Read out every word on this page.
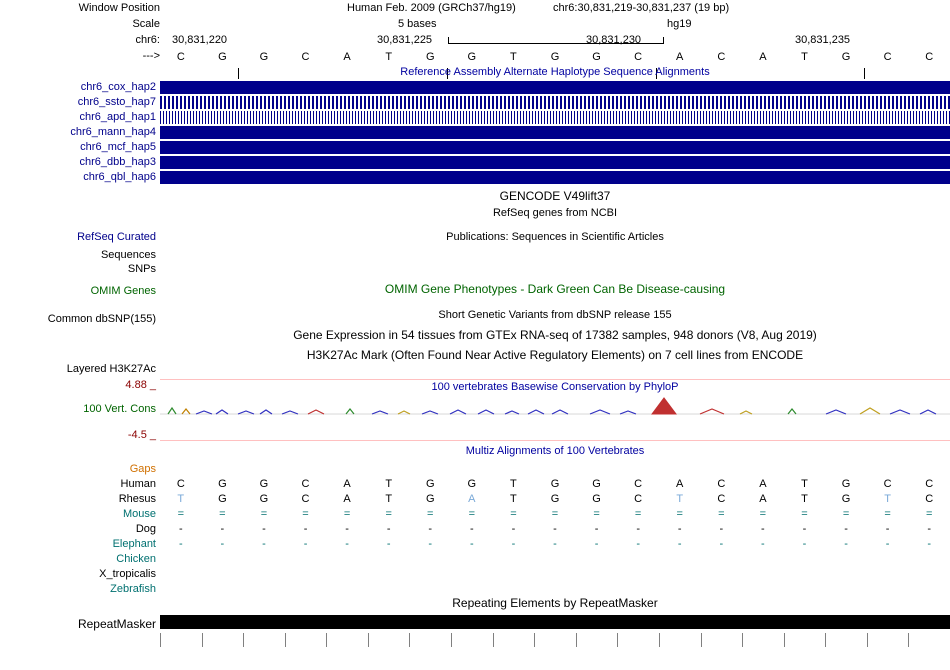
Window Position	Human Feb. 2009 (GRCh37/hg19)	chr6:30,831,219-30,831,237 (19 bp)
Scale	5 bases	hg19
chr6: 30,831,220	30,831,225	30,831,230	30,831,235
--->	C	G	G	C	A	T	G	G	T	G	G	C	A	C	A	T	G	C	C
Reference Assembly Alternate Haplotype Sequence Alignments
chr6_cox_hap2
chr6_ssto_hap7
chr6_apd_hap1
chr6_mann_hap4
chr6_mcf_hap5
chr6_dbb_hap3
chr6_qbl_hap6
GENCODE V49lift37
RefSeq genes from NCBI
RefSeq Curated	Publications: Sequences in Scientific Articles
Sequences
SNPs
OMIM Genes	OMIM Gene Phenotypes - Dark Green Can Be Disease-causing
Common dbSNP(155)	Short Genetic Variants from dbSNP release 155
Gene Expression in 54 tissues from GTEx RNA-seq of 17382 samples, 948 donors (V8, Aug 2019)
H3K27Ac Mark (Often Found Near Active Regulatory Elements) on 7 cell lines from ENCODE
Layered H3K27Ac
100 vertebrates Basewise Conservation by PhyloP
4.88 _
100 Vert. Cons
-4.5 _
Multiz Alignments of 100 Vertebrates
Gaps
Human	C	G	G	C	A	T	G	G	T	G	G	C	A	C	A	T	G	C	C
Rhesus	T	G	G	C	A	T	G	A	T	G	G	C	T	C	A	T	G	T	C
Mouse	=	=	=	=	=	=	=	=	=	=	=	=	=	=	=	=	=	=	=
Dog	-	-	-	-	-	-	-	-	-	-	-	-	-	-	-	-	-	-	-
Elephant	-	-	-	-	-	-	-	-	-	-	-	-	-	-	-	-	-	-	-
Chicken
X_tropicalis
Zebrafish
Repeating Elements by RepeatMasker
RepeatMasker
